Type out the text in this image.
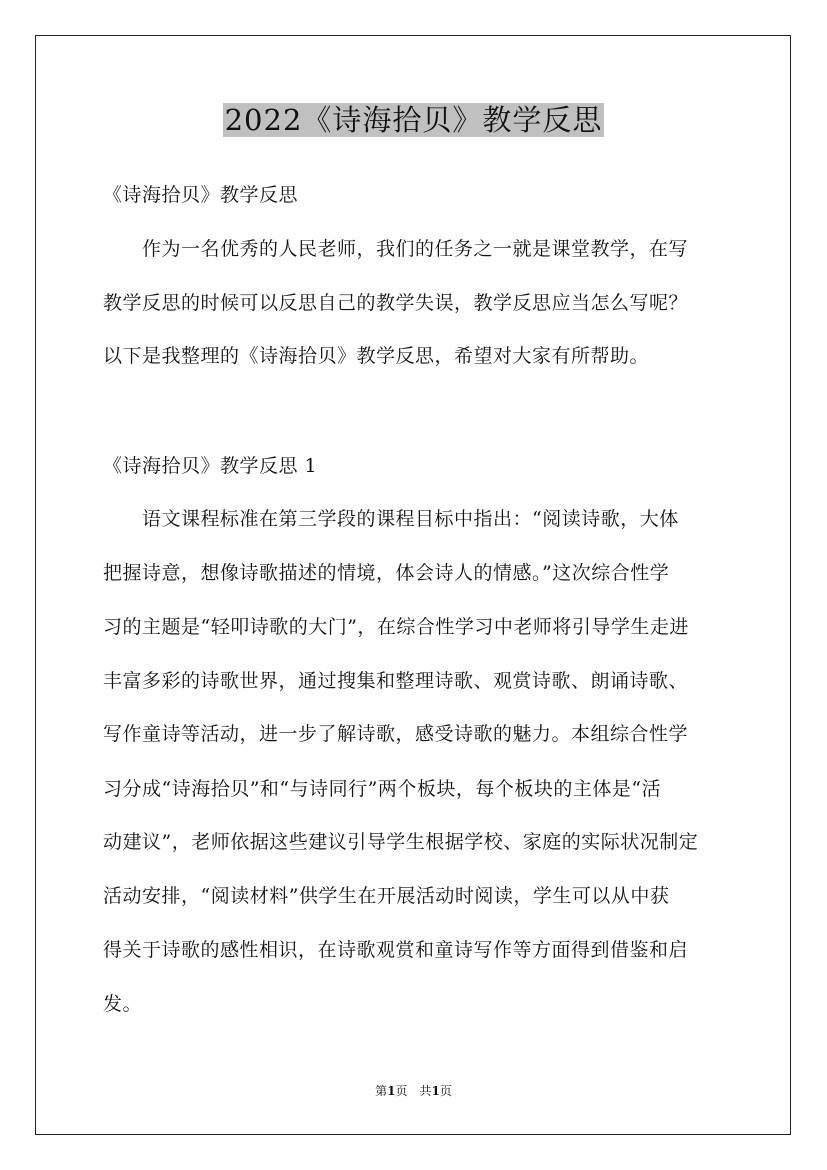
2022《诗海拾贝》教学反思
《诗海拾贝》教学反思
　　作为一名优秀的人民老师，我们的任务之一就是课堂教学，在写
教学反思的时候可以反思自己的教学失误，教学反思应当怎么写呢？
以下是我整理的《诗海拾贝》教学反思，希望对大家有所帮助。
《诗海拾贝》教学反思 1
　　语文课程标准在第三学段的课程目标中指出：“阅读诗歌，大体
把握诗意，想像诗歌描述的情境，体会诗人的情感。”这次综合性学
习的主题是“轻叩诗歌的大门”，在综合性学习中老师将引导学生走进
丰富多彩的诗歌世界，通过搜集和整理诗歌、观赏诗歌、朗诵诗歌、
写作童诗等活动，进一步了解诗歌，感受诗歌的魅力。本组综合性学
习分成“诗海拾贝”和“与诗同行”两个板块，每个板块的主体是“活
动建议”，老师依据这些建议引导学生根据学校、家庭的实际状况制定
活动安排，“阅读材料”供学生在开展活动时阅读，学生可以从中获
得关于诗歌的感性相识，在诗歌观赏和童诗写作等方面得到借鉴和启
发。
第1页　共1页
